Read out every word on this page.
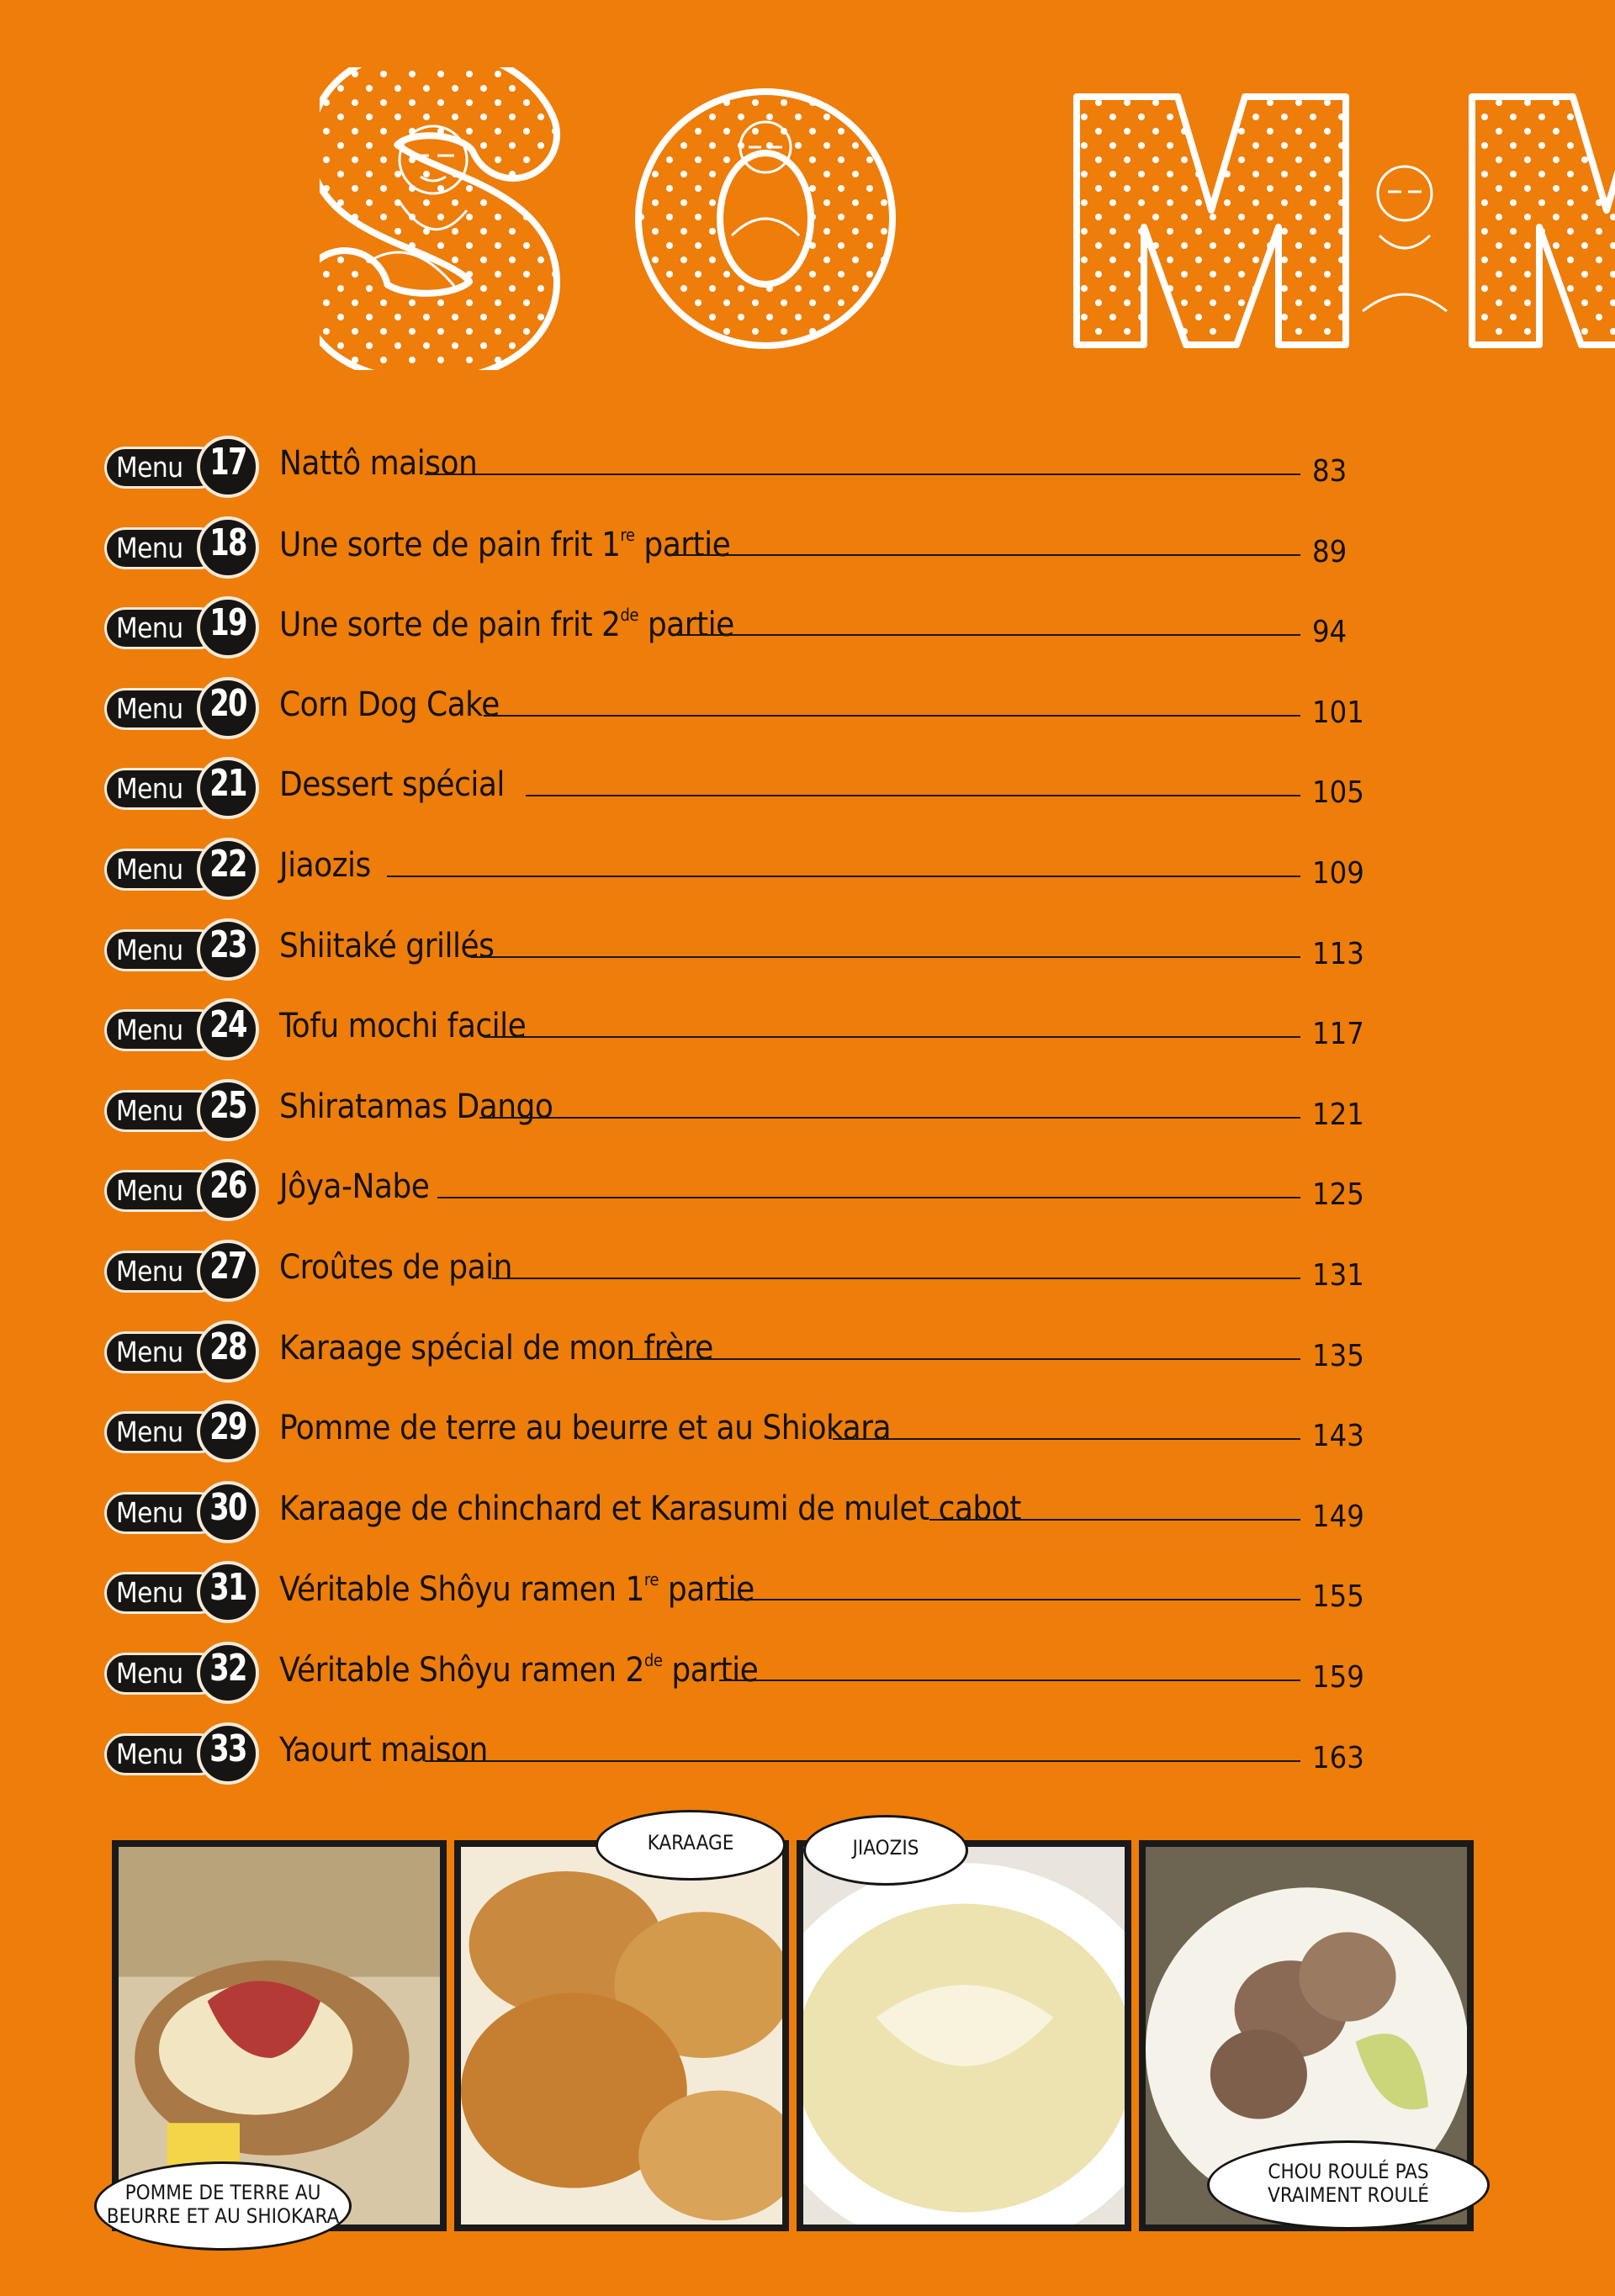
Menu 17 Nattô maison	83
Menu 18 Une sorte de pain frit 1re partie	89
Menu 19 Une sorte de pain frit 2de partie	94
Menu 20 Corn Dog Cake	101
Menu 21 Dessert spécial	105
Menu 22 Jiaozis	109
Menu 23 Shiitaké grillés	113
Menu 24 Tofu mochi facile	117
Menu 25 Shiratamas Dango	121
Menu 26 Jôya-Nabe	125
Menu 27 Croûtes de pain	131
Menu 28 Karaage spécial de mon frère	135
Menu 29 Pomme de terre au beurre et au Shiokara	143
Menu 30 Karaage de chinchard et Karasumi de mulet cabot	149
Menu 31 Véritable Shôyu ramen 1re partie	155
Menu 32 Véritable Shôyu ramen 2de partie	159
Menu 33 Yaourt maison	163
POMME DE TERRE AU
BEURRE ET AU SHIOKARA
KARAAGE	JIAOZIS
CHOU ROULÉ PAS
VRAIMENT ROULÉ
